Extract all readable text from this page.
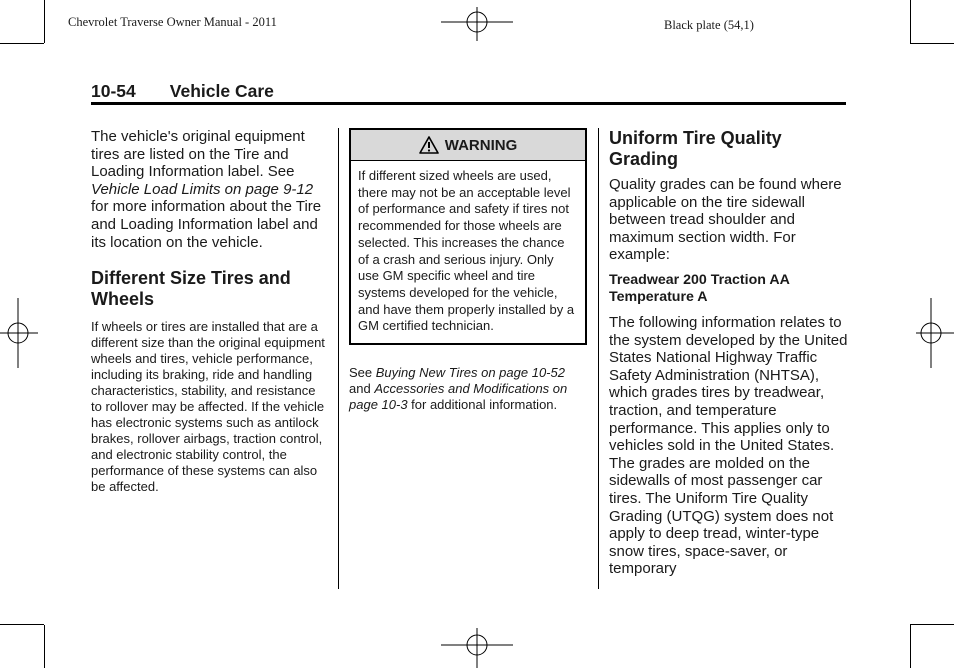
Chevrolet Traverse Owner Manual - 2011	Black plate (54,1)
10-54 Vehicle Care

The vehicle's original equipment tires are listed on the Tire and Loading Information label. See Vehicle Load Limits on page 9-12 for more information about the Tire and Loading Information label and its location on the vehicle.

Different Size Tires and Wheels

If wheels or tires are installed that are a different size than the original equipment wheels and tires, vehicle performance, including its braking, ride and handling characteristics, stability, and resistance to rollover may be affected. If the vehicle has electronic systems such as antilock brakes, rollover airbags, traction control, and electronic stability control, the performance of these systems can also be affected.

WARNING
If different sized wheels are used, there may not be an acceptable level of performance and safety if tires not recommended for those wheels are selected. This increases the chance of a crash and serious injury. Only use GM specific wheel and tire systems developed for the vehicle, and have them properly installed by a GM certified technician.

See Buying New Tires on page 10-52 and Accessories and Modifications on page 10-3 for additional information.

Uniform Tire Quality Grading

Quality grades can be found where applicable on the tire sidewall between tread shoulder and maximum section width. For example:

Treadwear 200 Traction AA Temperature A

The following information relates to the system developed by the United States National Highway Traffic Safety Administration (NHTSA), which grades tires by treadwear, traction, and temperature performance. This applies only to vehicles sold in the United States. The grades are molded on the sidewalls of most passenger car tires. The Uniform Tire Quality Grading (UTQG) system does not apply to deep tread, winter-type snow tires, space-saver, or temporary
